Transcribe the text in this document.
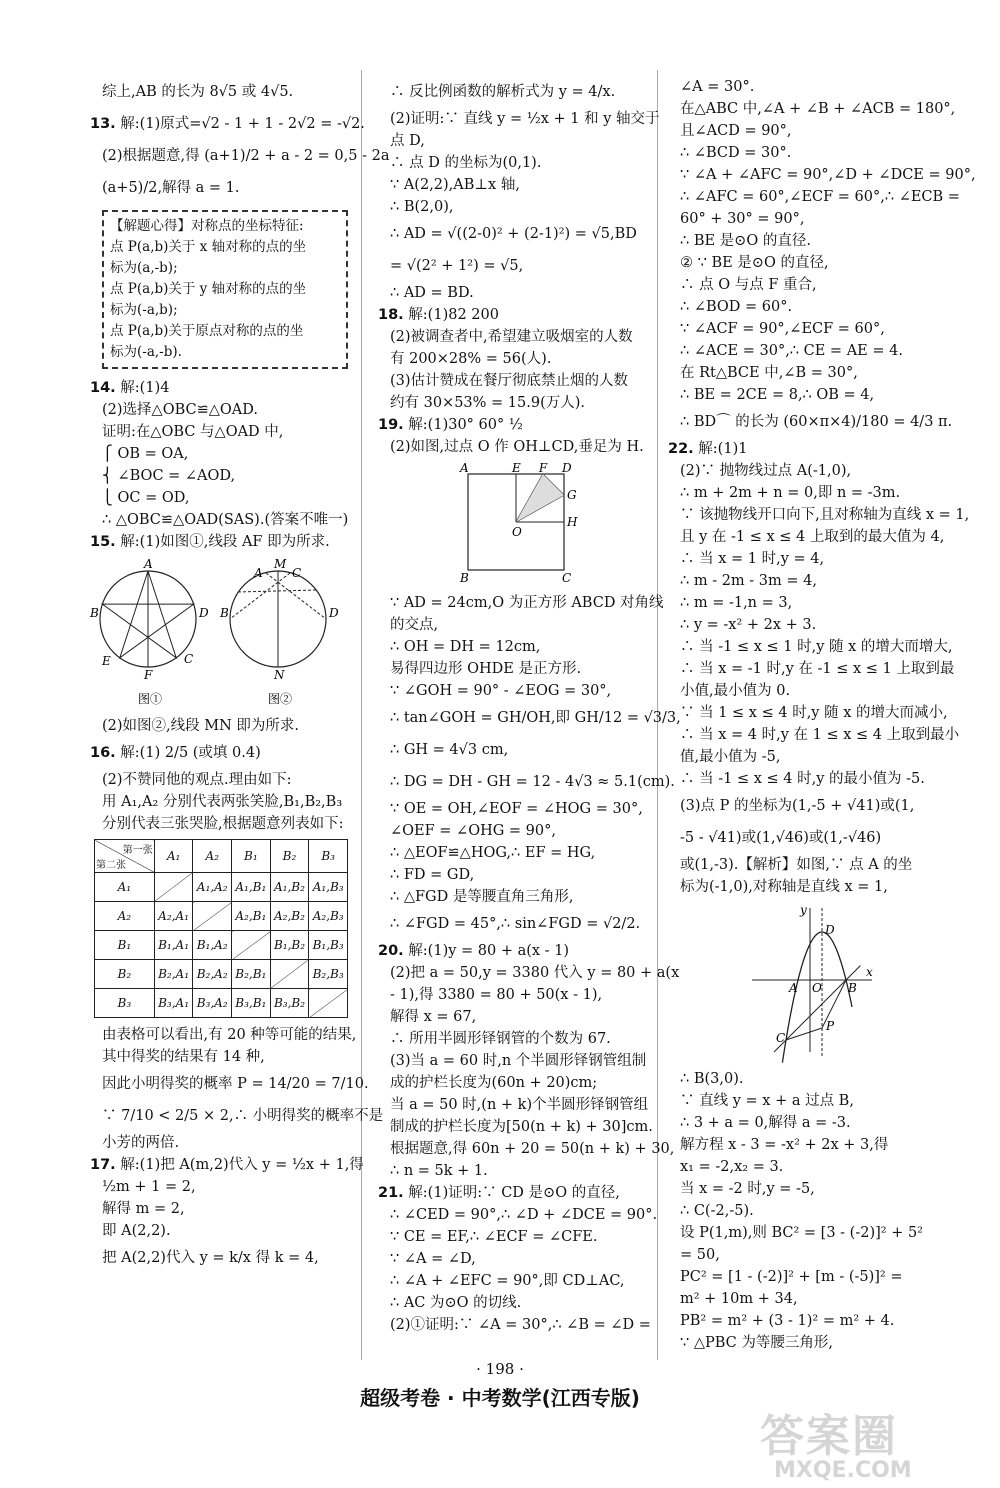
综上,AB 的长为 8√5 或 4√5.
13. 解:(1)原式=√2 - 1 + 1 - 2√2 = -√2.
(2)根据题意,得 (a+1)/2 + a - 2 = 0,5 - 2a
(a+5)/2,解得 a = 1.
【解题心得】对称点的坐标特征:
点 P(a,b)关于 x 轴对称的点的坐
标为(a,-b);
点 P(a,b)关于 y 轴对称的点的坐
标为(-a,b);
点 P(a,b)关于原点对称的点的坐
标为(-a,-b).
14. 解:(1)4
(2)选择△OBC≌△OAD.
证明:在△OBC 与△OAD 中,
⎧ OB = OA,
⎨ ∠BOC = ∠AOD,
⎩ OC = OD,
∴ △OBC≌△OAD(SAS).(答案不唯一)
15. 解:(1)如图①,线段 AF 即为所求.
A
B	D
E	C
F
图①
A
M
C
B	D
N
图②
(2)如图②,线段 MN 即为所求.
16. 解:(1) 2/5 (或填 0.4)
(2)不赞同他的观点.理由如下:
用 A₁,A₂ 分别代表两张笑脸,B₁,B₂,B₃
分别代表三张哭脸,根据题意列表如下:
第一张
第二张	A₁	A₂	B₁	B₂	B₃
A₁		A₁,A₂	A₁,B₁	A₁,B₂	A₁,B₃
A₂	A₂,A₁		A₂,B₁	A₂,B₂	A₂,B₃
B₁	B₁,A₁	B₁,A₂		B₁,B₂	B₁,B₃
B₂	B₂,A₁	B₂,A₂	B₂,B₁		B₂,B₃
B₃	B₃,A₁	B₃,A₂	B₃,B₁	B₃,B₂	
由表格可以看出,有 20 种等可能的结果,
其中得奖的结果有 14 种,
因此小明得奖的概率 P = 14/20 = 7/10.
∵ 7/10 < 2/5 × 2,∴ 小明得奖的概率不是
小芳的两倍.
17. 解:(1)把 A(m,2)代入 y = ½x + 1,得
½m + 1 = 2,
解得 m = 2,
即 A(2,2).
把 A(2,2)代入 y = k/x 得 k = 4,
∴ 反比例函数的解析式为 y = 4/x.
(2)证明:∵ 直线 y = ½x + 1 和 y 轴交于
点 D,
∴ 点 D 的坐标为(0,1).
∵ A(2,2),AB⊥x 轴,
∴ B(2,0),
∴ AD = √((2-0)² + (2-1)²) = √5,BD
= √(2² + 1²) = √5,
∴ AD = BD.
18. 解:(1)82 200
(2)被调查者中,希望建立吸烟室的人数
有 200×28% = 56(人).
(3)估计赞成在餐厅彻底禁止烟的人数
约有 30×53% = 15.9(万人).
19. 解:(1)30° 60° ½
(2)如图,过点 O 作 OH⊥CD,垂足为 H.
A	E F D
G
H
O
B	C
∵ AD = 24cm,O 为正方形 ABCD 对角线
的交点,
∴ OH = DH = 12cm,
易得四边形 OHDE 是正方形.
∵ ∠GOH = 90° - ∠EOG = 30°,
∴ tan∠GOH = GH/OH,即 GH/12 = √3/3,
∴ GH = 4√3 cm,
∴ DG = DH - GH = 12 - 4√3 ≈ 5.1(cm).
∵ OE = OH,∠EOF = ∠HOG = 30°,
∠OEF = ∠OHG = 90°,
∴ △EOF≌△HOG,∴ EF = HG,
∴ FD = GD,
∴ △FGD 是等腰直角三角形,
∴ ∠FGD = 45°,∴ sin∠FGD = √2/2.
20. 解:(1)y = 80 + a(x - 1)
(2)把 a = 50,y = 3380 代入 y = 80 + a(x
- 1),得 3380 = 80 + 50(x - 1),
解得 x = 67,
∴ 所用半圆形铎钢管的个数为 67.
(3)当 a = 60 时,n 个半圆形铎钢管组制
成的护栏长度为(60n + 20)cm;
当 a = 50 时,(n + k)个半圆形铎钢管组
制成的护栏长度为[50(n + k) + 30]cm.
根据题意,得 60n + 20 = 50(n + k) + 30,
∴ n = 5k + 1.
21. 解:(1)证明:∵ CD 是⊙O 的直径,
∴ ∠CED = 90°,∴ ∠D + ∠DCE = 90°.
∵ CE = EF,∴ ∠ECF = ∠CFE.
∵ ∠A = ∠D,
∴ ∠A + ∠EFC = 90°,即 CD⊥AC,
∴ AC 为⊙O 的切线.
(2)①证明:∵ ∠A = 30°,∴ ∠B = ∠D =
∠A = 30°.
在△ABC 中,∠A + ∠B + ∠ACB = 180°,
且∠ACD = 90°,
∴ ∠BCD = 30°.
∵ ∠A + ∠AFC = 90°,∠D + ∠DCE = 90°,
∴ ∠AFC = 60°,∠ECF = 60°,∴ ∠ECB =
60° + 30° = 90°,
∴ BE 是⊙O 的直径.
② ∵ BE 是⊙O 的直径,
∴ 点 O 与点 F 重合,
∴ ∠BOD = 60°.
∵ ∠ACF = 90°,∠ECF = 60°,
∴ ∠ACE = 30°,∴ CE = AE = 4.
在 Rt△BCE 中,∠B = 30°,
∴ BE = 2CE = 8,∴ OB = 4,
∴ BD⌒ 的长为 (60×π×4)/180 = 4/3 π.
22. 解:(1)1
(2)∵ 抛物线过点 A(-1,0),
∴ m + 2m + n = 0,即 n = -3m.
∵ 该抛物线开口向下,且对称轴为直线 x = 1,
且 y 在 -1 ≤ x ≤ 4 上取到的最大值为 4,
∴ 当 x = 1 时,y = 4,
∴ m - 2m - 3m = 4,
∴ m = -1,n = 3,
∴ y = -x² + 2x + 3.
∴ 当 -1 ≤ x ≤ 1 时,y 随 x 的增大而增大,
∴ 当 x = -1 时,y 在 -1 ≤ x ≤ 1 上取到最
小值,最小值为 0.
∵ 当 1 ≤ x ≤ 4 时,y 随 x 的增大而减小,
∴ 当 x = 4 时,y 在 1 ≤ x ≤ 4 上取到最小
值,最小值为 -5,
∴ 当 -1 ≤ x ≤ 4 时,y 的最小值为 -5.
(3)点 P 的坐标为(1,-5 + √41)或(1,
-5 - √41)或(1,√46)或(1,-√46)
或(1,-3).【解析】如图,∵ 点 A 的坐
标为(-1,0),对称轴是直线 x = 1,
y
D
A O B
x
C
P
∴ B(3,0).
∵ 直线 y = x + a 过点 B,
∴ 3 + a = 0,解得 a = -3.
解方程 x - 3 = -x² + 2x + 3,得
x₁ = -2,x₂ = 3.
当 x = -2 时,y = -5,
∴ C(-2,-5).
设 P(1,m),则 BC² = [3 - (-2)]² + 5²
= 50,
PC² = [1 - (-2)]² + [m - (-5)]² =
m² + 10m + 34,
PB² = m² + (3 - 1)² = m² + 4.
∵ △PBC 为等腰三角形,
· 198 ·
超级考卷 · 中考数学(江西专版)
答案圈
MXQE.COM
